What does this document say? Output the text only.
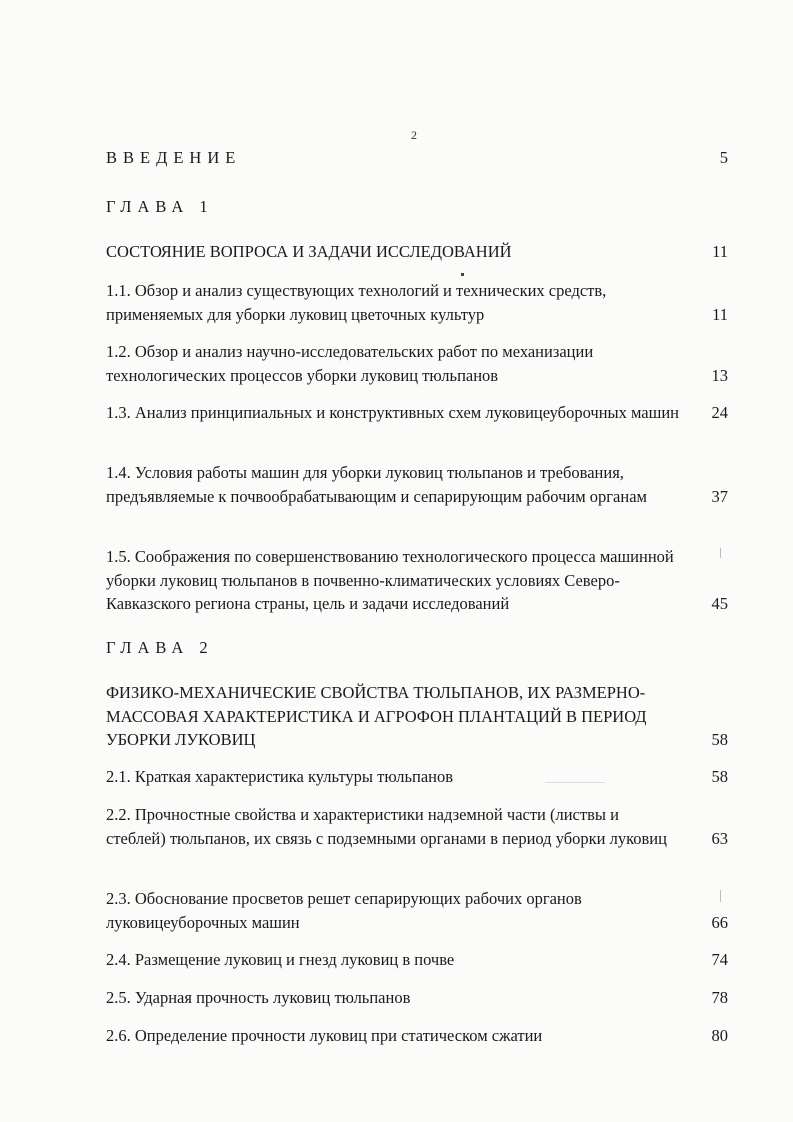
2
ВВЕДЕНИЕ	5
ГЛАВА 1
СОСТОЯНИЕ ВОПРОСА И ЗАДАЧИ ИССЛЕДОВАНИЙ	11
1.1. Обзор и анализ существующих технологий и технических средств, применяемых для уборки луковиц цветочных культур	11
1.2. Обзор и анализ научно-исследовательских работ по механизации технологических процессов уборки луковиц тюльпанов	13
1.3. Анализ принципиальных и конструктивных схем луковицеуборочных машин	24
1.4. Условия работы машин для уборки луковиц тюльпанов и требования, предъявляемые к почвообрабатывающим и сепарирующим рабочим органам	37
1.5. Соображения по совершенствованию технологического процесса машинной уборки луковиц тюльпанов в почвенно-климатических условиях Северо-Кавказского региона страны, цель и задачи исследований	45
ГЛАВА 2
ФИЗИКО-МЕХАНИЧЕСКИЕ СВОЙСТВА ТЮЛЬПАНОВ, ИХ РАЗМЕРНО-МАССОВАЯ ХАРАКТЕРИСТИКА И АГРОФОН ПЛАНТАЦИЙ В ПЕРИОД УБОРКИ ЛУКОВИЦ	58
2.1. Краткая характеристика культуры тюльпанов	58
2.2. Прочностные свойства и характеристики надземной части (листвы и стеблей) тюльпанов, их связь с подземными органами в период уборки луковиц	63
2.3. Обоснование просветов решет сепарирующих рабочих органов луковицеуборочных машин	66
2.4. Размещение луковиц и гнезд луковиц в почве	74
2.5. Ударная прочность луковиц тюльпанов	78
2.6. Определение прочности луковиц при статическом сжатии	80
